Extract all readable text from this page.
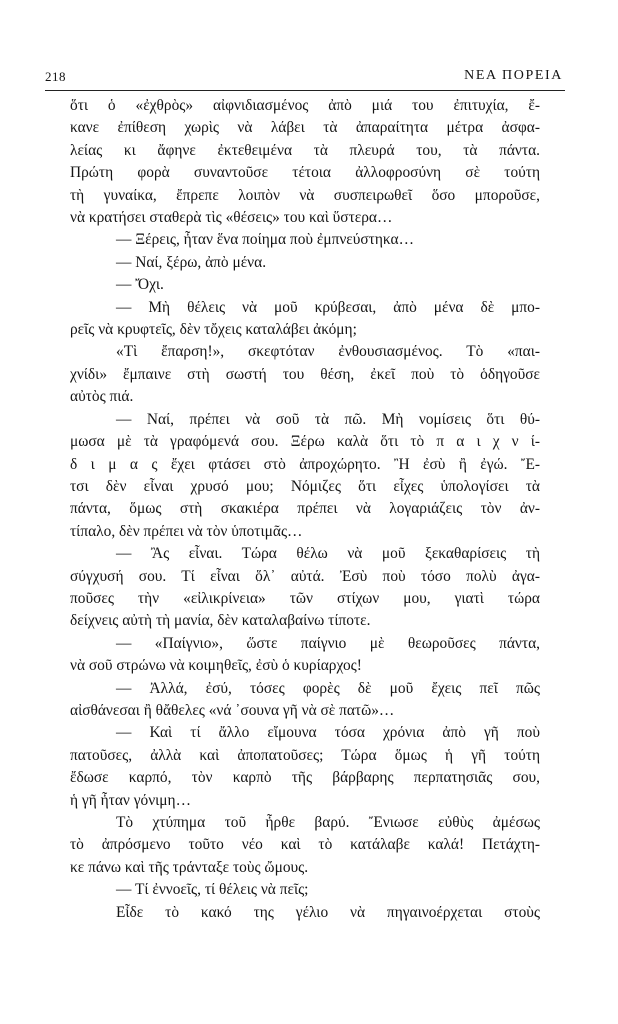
218	ΝΕΑ ΠΟΡΕΙΑ
ὅτι ὁ «ἐχθρὸς» αἰφνιδιασμένος ἀπὸ μιά του ἐπιτυχία, ἔ-
κανε ἐπίθεση χωρὶς νὰ λάβει τὰ ἀπαραίτητα μέτρα ἀσφα-
λείας κι ἄφηνε ἐκτεθειμένα τὰ πλευρά του, τὰ πάντα.
Πρώτη φορὰ συναντοῦσε τέτοια ἀλλοφροσύνη σὲ τούτη
τὴ γυναίκα, ἔπρεπε λοιπὸν νὰ συσπειρωθεῖ ὅσο μποροῦσε,
νὰ κρατήσει σταθερὰ τὶς «θέσεις» του καὶ ὕστερα…
— Ξέρεις, ἦταν ἕνα ποίημα ποὺ ἐμπνεύστηκα…
— Ναί, ξέρω, ἀπὸ μένα.
— Ὄχι.
— Μὴ θέλεις νὰ μοῦ κρύβεσαι, ἀπὸ μένα δὲ μπο-
ρεῖς νὰ κρυφτεῖς, δὲν τὄχεις καταλάβει ἀκόμη;
«Τὶ ἔπαρση!», σκεφτόταν ἐνθουσιασμένος. Τὸ «παι-
χνίδι» ἔμπαινε στὴ σωστή του θέση, ἐκεῖ ποὺ τὸ ὁδηγοῦσε
αὐτὸς πιά.
— Ναί, πρέπει νὰ σοῦ τὰ πῶ. Μὴ νομίσεις ὅτι θύ-
μωσα μὲ τὰ γραφόμενά σου. Ξέρω καλὰ ὅτι τὸ π α ι χ ν ί-
δ ι μ α ς ἔχει φτάσει στὸ ἀπροχώρητο. Ἢ ἐσὺ ἢ ἐγώ. Ἔ-
τσι δὲν εἶναι χρυσό μου; Νόμιζες ὅτι εἶχες ὑπολογίσει τὰ
πάντα, ὅμως στὴ σκακιέρα πρέπει νὰ λογαριάζεις τὸν ἀν-
τίπαλο, δὲν πρέπει νὰ τὸν ὑποτιμᾶς…
— Ἂς εἶναι. Τώρα θέλω νὰ μοῦ ξεκαθαρίσεις τὴ
σύγχυσή σου. Τί εἶναι ὅλ᾽ αὐτά. Ἐσὺ ποὺ τόσο πολὺ ἀγα-
ποῦσες τὴν «εἰλικρίνεια» τῶν στίχων μου, γιατὶ τώρα
δείχνεις αὐτὴ τὴ μανία, δὲν καταλαβαίνω τίποτε.
— «Παίγνιο», ὥστε παίγνιο μὲ θεωροῦσες πάντα,
νὰ σοῦ στρώνω νὰ κοιμηθεῖς, ἐσὺ ὁ κυρίαρχος!
— Ἀλλά, ἐσύ, τόσες φορὲς δὲ μοῦ ἔχεις πεῖ πῶς
αἰσθάνεσαι ἢ θἄθελες «νά ᾽σουνα γῆ νὰ σὲ πατῶ»…
— Καὶ τί ἄλλο εἴμουνα τόσα χρόνια ἀπὸ γῆ ποὺ
πατοῦσες, ἀλλὰ καὶ ἀποπατοῦσες; Τώρα ὅμως ἡ γῆ τούτη
ἔδωσε καρπό, τὸν καρπὸ τῆς βάρβαρης περπατησιᾶς σου,
ἡ γῆ ἦταν γόνιμη…
Τὸ χτύπημα τοῦ ἦρθε βαρύ. Ἔνιωσε εὐθὺς ἀμέσως
τὸ ἀπρόσμενο τοῦτο νέο καὶ τὸ κατάλαβε καλά! Πετάχτη-
κε πάνω καὶ τῆς τράνταξε τοὺς ὤμους.
— Τί ἐννοεῖς, τί θέλεις νὰ πεῖς;
Εἶδε τὸ κακό της γέλιο νὰ πηγαινοέρχεται στοὺς
